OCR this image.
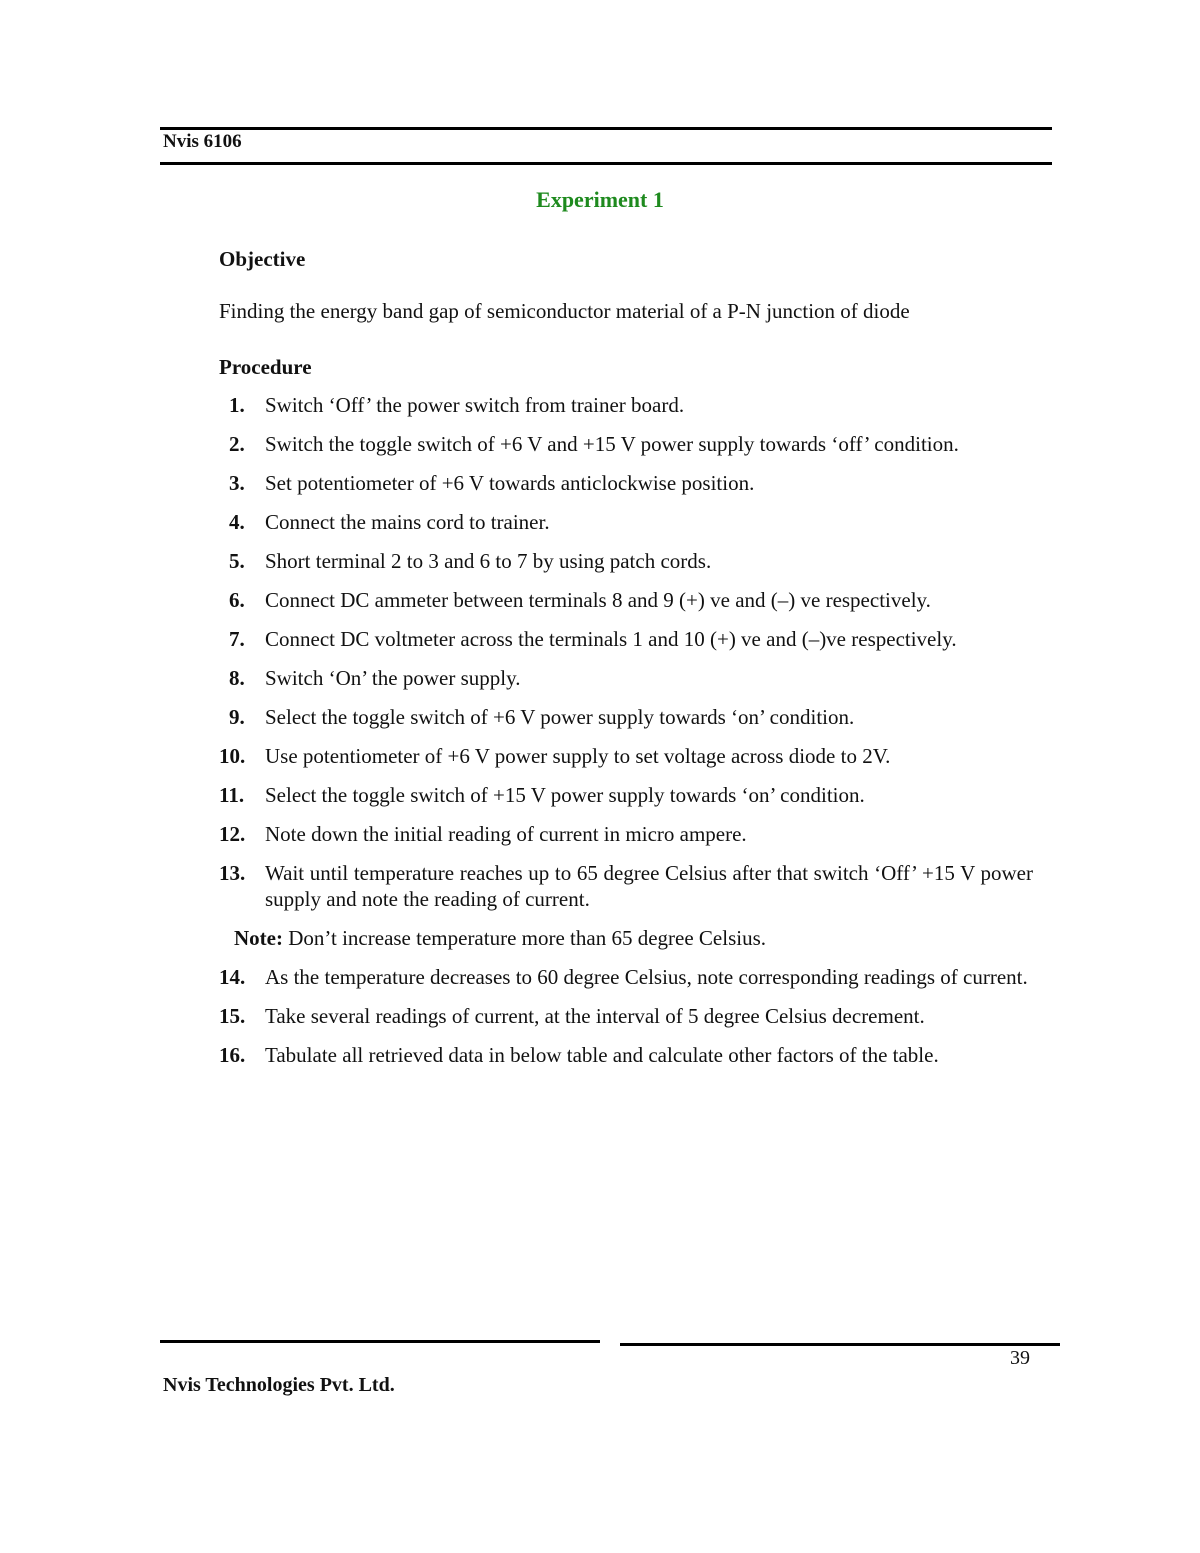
Nvis 6106
Experiment 1
Objective
Finding the energy band gap of semiconductor material of a P-N junction of diode
Procedure
1. Switch ‘Off’ the power switch from trainer board.
2. Switch the toggle switch of +6 V and +15 V power supply towards ‘off’ condition.
3. Set potentiometer of +6 V towards anticlockwise position.
4. Connect the mains cord to trainer.
5. Short terminal 2 to 3 and 6 to 7 by using patch cords.
6. Connect DC ammeter between terminals 8 and 9 (+) ve and (–) ve respectively.
7. Connect DC voltmeter across the terminals 1 and 10 (+) ve and (–)ve respectively.
8. Switch ‘On’ the power supply.
9. Select the toggle switch of +6 V power supply towards ‘on’ condition.
10. Use potentiometer of +6 V power supply to set voltage across diode to 2V.
11. Select the toggle switch of +15 V power supply towards ‘on’ condition.
12. Note down the initial reading of current in micro ampere.
13. Wait until temperature reaches up to 65 degree Celsius after that switch ‘Off’ +15 V power supply and note the reading of current.
Note: Don’t increase temperature more than 65 degree Celsius.
14. As the temperature decreases to 60 degree Celsius, note corresponding readings of current.
15. Take several readings of current, at the interval of 5 degree Celsius decrement.
16. Tabulate all retrieved data in below table and calculate other factors of the table.
39
Nvis Technologies Pvt. Ltd.
